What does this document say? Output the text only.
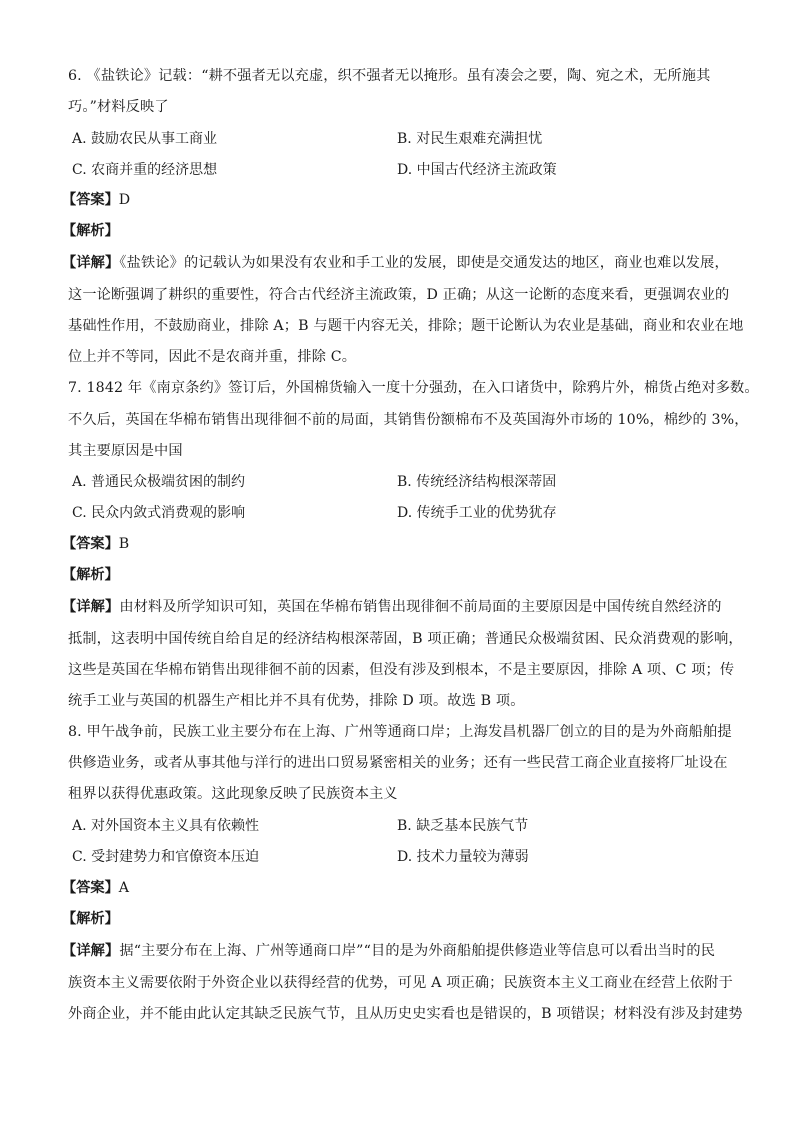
6. 《盐铁论》记载：“耕不强者无以充虚，织不强者无以掩形。虽有凑会之要，陶、宛之术，无所施其
巧。”材料反映了
A. 鼓励农民从事工商业	B. 对民生艰难充满担忧
C. 农商并重的经济思想	D. 中国古代经济主流政策
【答案】D
【解析】
【详解】《盐铁论》的记载认为如果没有农业和手工业的发展，即使是交通发达的地区，商业也难以发展，
这一论断强调了耕织的重要性，符合古代经济主流政策，D 正确；从这一论断的态度来看，更强调农业的
基础性作用，不鼓励商业，排除 A；B 与题干内容无关，排除；题干论断认为农业是基础，商业和农业在地
位上并不等同，因此不是农商并重，排除 C。
7. 1842 年《南京条约》签订后，外国棉货输入一度十分强劲，在入口诸货中，除鸦片外，棉货占绝对多数。
不久后，英国在华棉布销售出现徘徊不前的局面，其销售份额棉布不及英国海外市场的 10%，棉纱的 3%，
其主要原因是中国
A. 普通民众极端贫困的制约	B. 传统经济结构根深蒂固
C. 民众内敛式消费观的影响	D. 传统手工业的优势犹存
【答案】B
【解析】
【详解】由材料及所学知识可知，英国在华棉布销售出现徘徊不前局面的主要原因是中国传统自然经济的
抵制，这表明中国传统自给自足的经济结构根深蒂固，B 项正确；普通民众极端贫困、民众消费观的影响，
这些是英国在华棉布销售出现徘徊不前的因素，但没有涉及到根本，不是主要原因，排除 A 项、C 项；传
统手工业与英国的机器生产相比并不具有优势，排除 D 项。故选 B 项。
8. 甲午战争前，民族工业主要分布在上海、广州等通商口岸；上海发昌机器厂创立的目的是为外商船舶提
供修造业务，或者从事其他与洋行的进出口贸易紧密相关的业务；还有一些民营工商企业直接将厂址设在
租界以获得优惠政策。这此现象反映了民族资本主义
A. 对外国资本主义具有依赖性	B. 缺乏基本民族气节
C. 受封建势力和官僚资本压迫	D. 技术力量较为薄弱
【答案】A
【解析】
【详解】据“主要分布在上海、广州等通商口岸”“目的是为外商船舶提供修造业等信息可以看出当时的民
族资本主义需要依附于外资企业以获得经营的优势，可见 A 项正确；民族资本主义工商业在经营上依附于
外商企业，并不能由此认定其缺乏民族气节，且从历史史实看也是错误的，B 项错误；材料没有涉及封建势
